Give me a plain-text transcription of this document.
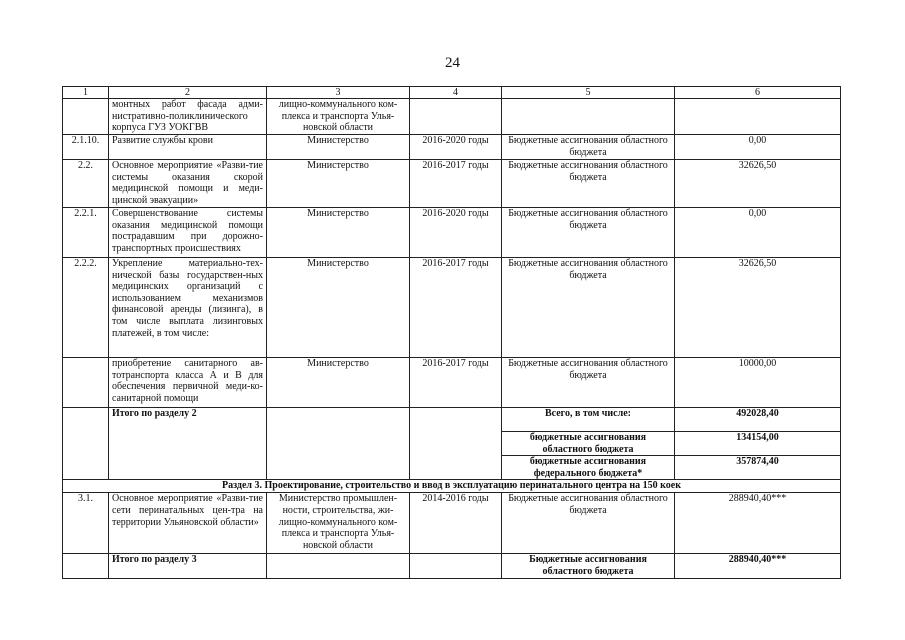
24
1	2	3	4	5	6
	монтных работ фасада адми-нистративно-поликлинического корпуса ГУЗ УОКГВВ	лищно-коммунального ком-плекса и транспорта Улья-новской области			
2.1.10.	Развитие службы крови	Министерство	2016-2020 годы	Бюджетные ассигнования областного бюджета	0,00
2.2.	Основное мероприятие «Разви-тие системы оказания скорой медицинской помощи и меди-цинской эвакуации»	Министерство	2016-2017 годы	Бюджетные ассигнования областного бюджета	32626,50
2.2.1.	Совершенствование системы оказания медицинской помощи пострадавшим при дорожно-транспортных происшествиях	Министерство	2016-2020 годы	Бюджетные ассигнования областного бюджета	0,00
2.2.2.	Укрепление материально-тех-нической базы государствен-ных медицинских организаций с использованием механизмов финансовой аренды (лизинга), в том числе выплата лизинговых платежей, в том числе:	Министерство	2016-2017 годы	Бюджетные ассигнования областного бюджета	32626,50
	приобретение санитарного ав-тотранспорта класса А и В для обеспечения первичной меди-ко-санитарной помощи	Министерство	2016-2017 годы	Бюджетные ассигнования областного бюджета	10000,00
	Итого по разделу 2			Всего, в том числе:	492028,40
				бюджетные ассигнования областного бюджета	134154,00
				бюджетные ассигнования федерального бюджета*	357874,40
Раздел 3. Проектирование, строительство и ввод в эксплуатацию перинатального центра на 150 коек					
3.1.	Основное мероприятие «Разви-тие сети перинатальных цен-тра на территории Ульяновской области»	Министерство промышлен-ности, строительства, жи-лищно-коммунального ком-плекса и транспорта Улья-новской области	2014-2016 годы	Бюджетные ассигнования областного бюджета	288940,40***
	Итого по разделу 3			Бюджетные ассигнования областного бюджета	288940,40***
